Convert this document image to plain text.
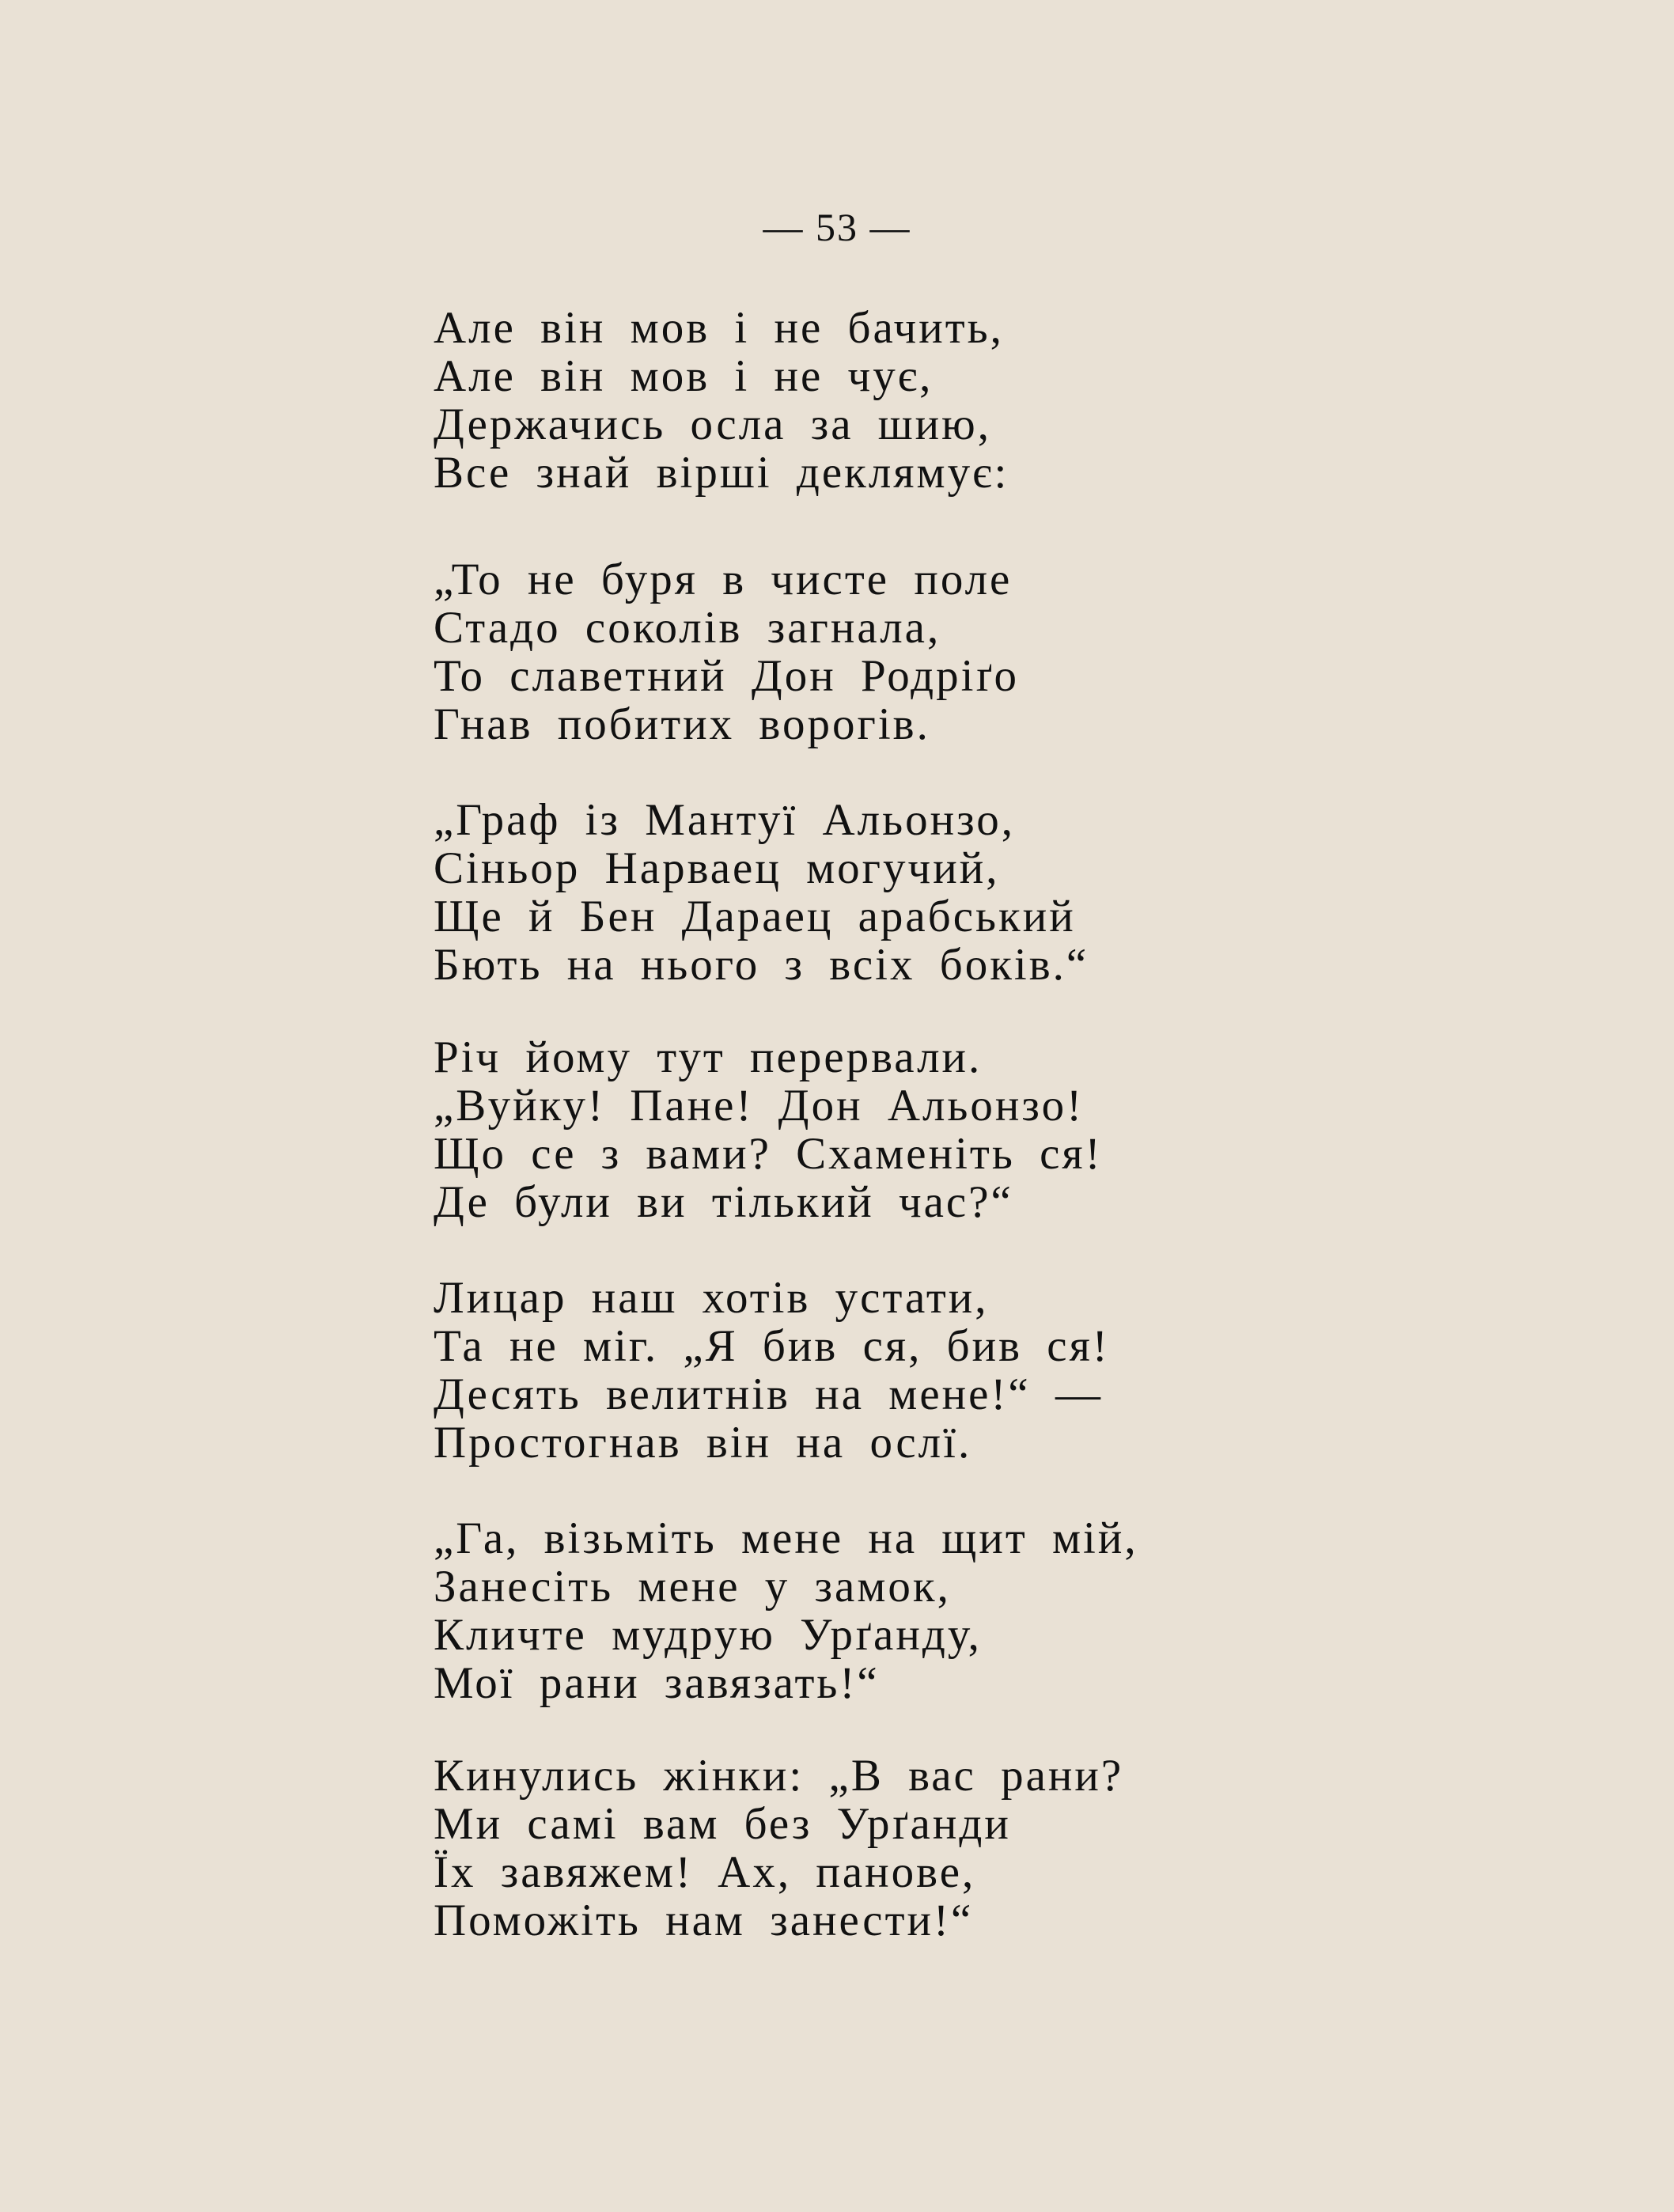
— 53 —
Але він мов і не бачить,
Але він мов і не чує,
Держачись осла за шию,
Все знай вірші деклямує:
„То не буря в чисте поле
Стадо соколів загнала,
То славетний Дон Родріґо
Гнав побитих ворогів.
„Граф із Мантуї Альонзо,
Сіньор Нарваец могучий,
Ще й Бен Дараец арабський
Бють на нього з всіх боків.“
Річ йому тут перервали.
„Вуйку! Пане! Дон Альонзо!
Що се з вами? Схаменіть ся!
Де були ви тілький час?“
Лицар наш хотів устати,
Та не міг. „Я бив ся, бив ся!
Десять велитнів на мене!“ —
Простогнав він на ослї.
„Га, візьміть мене на щит мій,
Занесіть мене у замок,
Кличте мудрую Урґанду,
Мої рани завязать!“
Кинулись жінки: „В вас рани?
Ми самі вам без Урґанди
Їх завяжем! Ах, панове,
Поможіть нам занести!“
